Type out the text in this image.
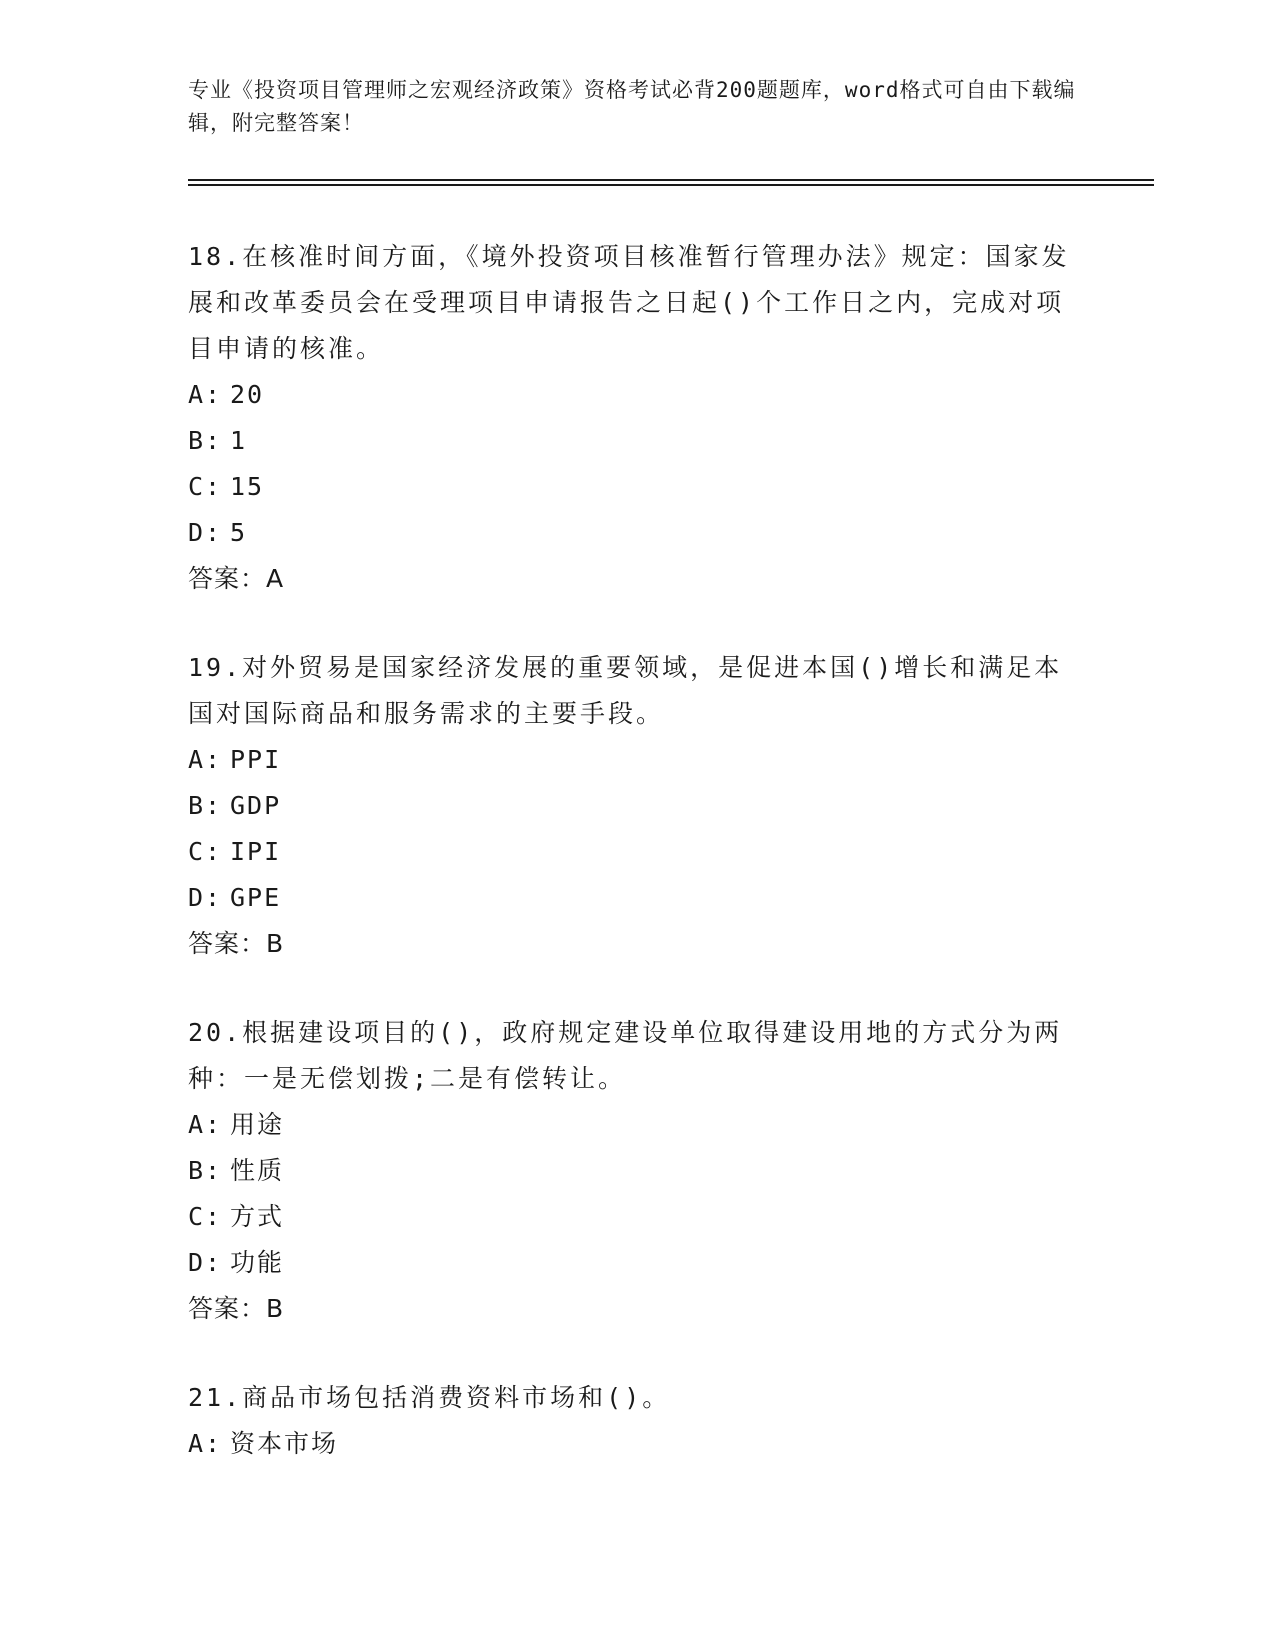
专业《投资项目管理师之宏观经济政策》资格考试必背200题题库，word格式可自由下载编辑，附完整答案！

18.在核准时间方面，《境外投资项目核准暂行管理办法》规定：国家发展和改革委员会在受理项目申请报告之日起()个工作日之内，完成对项目申请的核准。

A: 20

B: 1

C: 15

D: 5

答案：A

19.对外贸易是国家经济发展的重要领域，是促进本国()增长和满足本国对国际商品和服务需求的主要手段。

A: PPI

B: GDP

C: IPI

D: GPE

答案：B

20.根据建设项目的()，政府规定建设单位取得建设用地的方式分为两种：一是无偿划拨;二是有偿转让。

A: 用途

B: 性质

C: 方式

D: 功能

答案：B

21.商品市场包括消费资料市场和()。

A: 资本市场
